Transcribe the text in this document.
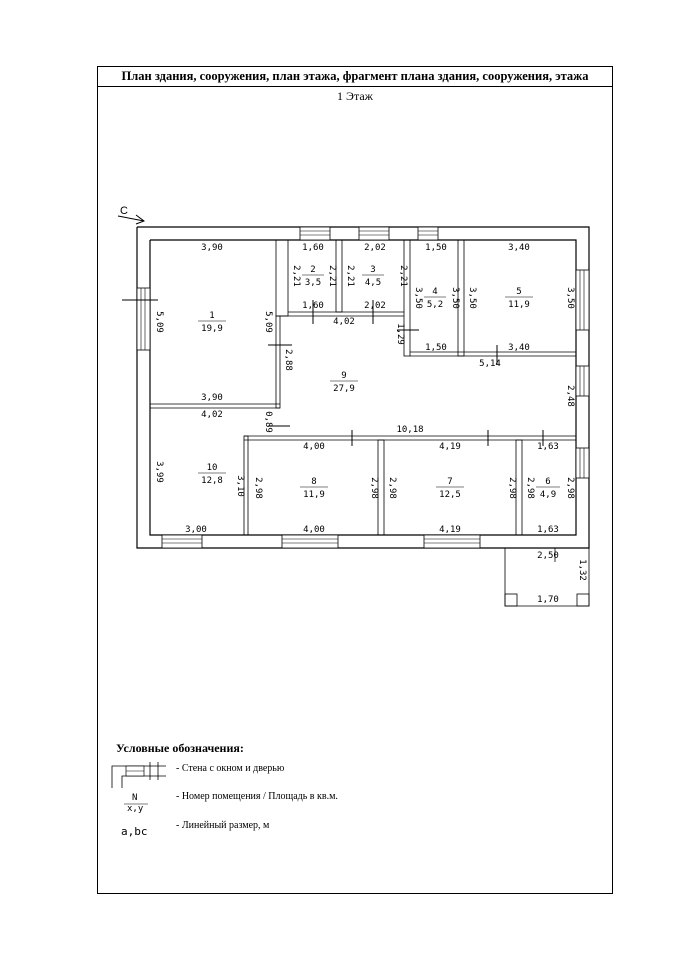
План здания, сооружения, план этажа, фрагмент плана здания, сооружения, этажа
1 Этаж
С
1
19,9
2
3,5
3
4,5
4
5,2
5
11,9
9
27,9
10
12,8	8
11,9
7
12,5
6
4,9
3,90
3,90
1,60
1,60
2,02
2,02
1,50
1,50
3,40
3,40
4,02
5,14
10,18
4,02
3,00
4,00
4,00
4,19
4,19
1,63
1,63
2,50
1,70
5,09	5,09
2,21	2,21 2,21	2,21
3,50	3,50 3,50	3,50
2,88
1,29
2,48
0,89
3,99
3,10 2,98	2,98 2,98	2,98 2,98	2,98
1,32
Условные обозначения:
- Стена с окном и дверью
N
x,y
- Номер помещения / Площадь в кв.м.
a,bc	- Линейный размер, м
